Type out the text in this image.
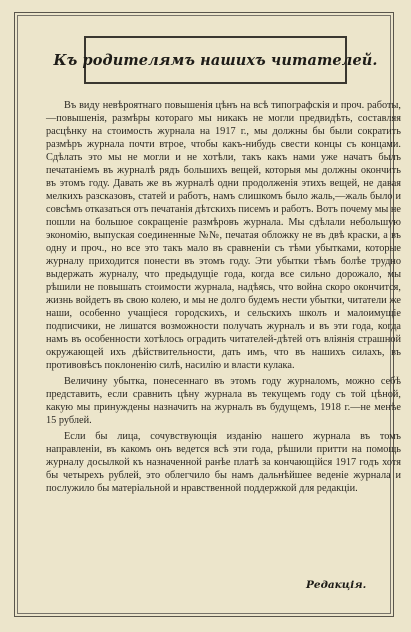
Къ родителямъ нашихъ читателей.

Въ виду невѣроятнаго повышенія цѣнъ на всѣ типографскія и проч. работы,—повышенія, размѣры котораго мы никакъ не могли предвидѣть, составляя расцѣнку на стоимость журнала на 1917 г., мы должны бы были сократить размѣръ журнала почти втрое, чтобы какъ-нибудь свести концы съ концами. Сдѣлать это мы не могли и не хотѣли, такъ какъ нами уже начатъ былъ печатаніемъ въ журналѣ рядъ большихъ вещей, которыя мы должны окончить въ этомъ году. Давать же въ журналѣ одни продолженія этихъ вещей, не давая мелкихъ разсказовъ, статей и работъ, намъ слишкомъ было жаль,—жаль было и совсѣмъ отказаться отъ печатанія дѣтскихъ писемъ и работъ. Вотъ почему мы не пошли на большое сокращеніе размѣровъ журнала. Мы сдѣлали небольшую экономію, выпуская соединенные №№, печатая обложку не въ двѣ краски, а въ одну и проч., но все это такъ мало въ сравненіи съ тѣми убытками, которые журналу приходится понести въ этомъ году. Эти убытки тѣмъ болѣе трудно выдержать журналу, что предыдущіе года, когда все сильно дорожало, мы рѣшили не повышать стоимости журнала, надѣясь, что война скоро окончится, жизнь войдетъ въ свою колею, и мы не долго будемъ нести убытки, читатели же наши, особенно учащіеся городскихъ, и сельскихъ школъ и малоимущіе подписчики, не лишатся возможности получать журналъ и въ эти года, когда намъ въ особенности хотѣлось оградить читателей-дѣтей отъ вліянія страшной окружающей ихъ дѣйствительности, дать имъ, что въ нашихъ силахъ, въ противовѣсъ поклоненію силѣ, насилію и власти кулака.

Величину убытка, понесеннаго въ этомъ году журналомъ, можно себѣ представить, если сравнить цѣну журнала въ текущемъ году съ той цѣной, какую мы принуждены назначить на журналъ въ будущемъ, 1918 г.—не менѣе 15 рублей.

Если бы лица, сочувствующія изданію нашего журнала въ томъ направленіи, въ какомъ онъ ведется всѣ эти года, рѣшили притти на помощь журналу досылкой къ назначенной ранѣе платѣ за кончающійся 1917 годъ хотя бы четырехъ рублей, это облегчило бы намъ дальнѣйшее веденіе журнала и послужило бы матеріальной и нравственной поддержкой для редакціи.

Редакція.
